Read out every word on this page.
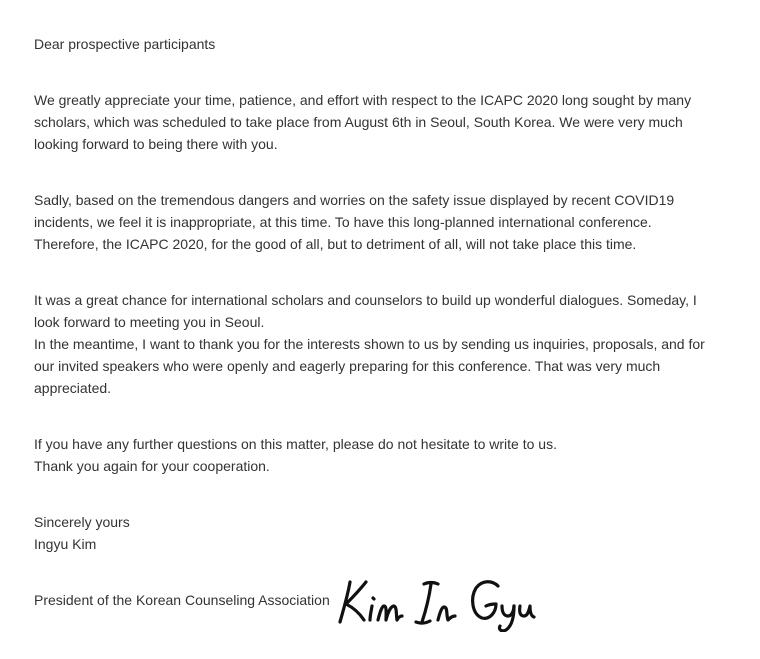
Dear prospective participants
We greatly appreciate your time, patience, and effort with respect to the ICAPC 2020 long sought by many
scholars, which was scheduled to take place from August 6th in Seoul, South Korea. We were very much
looking forward to being there with you.
Sadly, based on the tremendous dangers and worries on the safety issue displayed by recent COVID19
incidents, we feel it is inappropriate, at this time. To have this long-planned international conference.
Therefore, the ICAPC 2020, for the good of all, but to detriment of all, will not take place this time.
It was a great chance for international scholars and counselors to build up wonderful dialogues. Someday, I
look forward to meeting you in Seoul.
In the meantime, I want to thank you for the interests shown to us by sending us inquiries, proposals, and for
our invited speakers who were openly and eagerly preparing for this conference. That was very much
appreciated.
If you have any further questions on this matter, please do not hesitate to write to us.
Thank you again for your cooperation.
Sincerely yours
Ingyu Kim
President of the Korean Counseling Association
